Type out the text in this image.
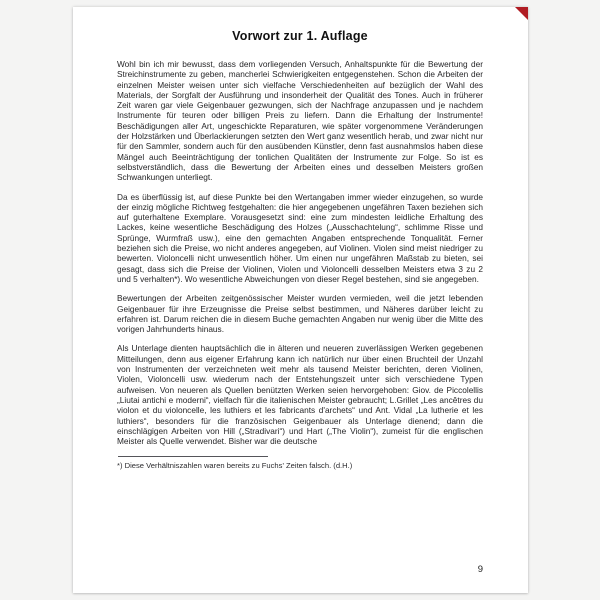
Vorwort zur 1. Auflage

Wohl bin ich mir bewusst, dass dem vorliegenden Versuch, Anhaltspunkte für die Bewertung der Streichinstrumente zu geben, mancherlei Schwierigkeiten entgegenstehen. Schon die Arbeiten der einzelnen Meister weisen unter sich vielfache Verschiedenheiten auf bezüglich der Wahl des Materials, der Sorgfalt der Ausführung und insonderheit der Qualität des Tones. Auch in früherer Zeit waren gar viele Geigenbauer gezwungen, sich der Nachfrage anzupassen und je nachdem Instrumente für teuren oder billigen Preis zu liefern. Dann die Erhaltung der Instrumente! Beschädigungen aller Art, ungeschickte Reparaturen, wie später vorgenommene Veränderungen der Holzstärken und Überlackierungen setzten den Wert ganz wesentlich herab, und zwar nicht nur für den Sammler, sondern auch für den ausübenden Künstler, denn fast ausnahmslos haben diese Mängel auch Beeinträchtigung der tonlichen Qualitäten der Instrumente zur Folge. So ist es selbstverständlich, dass die Bewertung der Arbeiten eines und desselben Meisters großen Schwankungen unterliegt.

Da es überflüssig ist, auf diese Punkte bei den Wertangaben immer wieder einzugehen, so wurde der einzig mögliche Richtweg festgehalten: die hier angegebenen ungefähren Taxen beziehen sich auf guterhaltene Exemplare. Vorausgesetzt sind: eine zum mindesten leidliche Erhaltung des Lackes, keine wesentliche Beschädigung des Holzes („Ausschachtelung“, schlimme Risse und Sprünge, Wurmfraß usw.), eine den gemachten Angaben entsprechende Tonqualität. Ferner beziehen sich die Preise, wo nicht anderes angegeben, auf Violinen. Violen sind meist niedriger zu bewerten. Violoncelli nicht unwesentlich höher. Um einen nur ungefähren Maßstab zu bieten, sei gesagt, dass sich die Preise der Violinen, Violen und Violoncelli desselben Meisters etwa 3 zu 2 und 5 verhalten*). Wo wesentliche Abweichungen von dieser Regel bestehen, sind sie angegeben.

Bewertungen der Arbeiten zeitgenössischer Meister wurden vermieden, weil die jetzt lebenden Geigenbauer für ihre Erzeugnisse die Preise selbst bestimmen, und Näheres darüber leicht zu erfahren ist. Darum reichen die in diesem Buche gemachten Angaben nur wenig über die Mitte des vorigen Jahrhunderts hinaus.

Als Unterlage dienten hauptsächlich die in älteren und neueren zuverlässigen Werken gegebenen Mitteilungen, denn aus eigener Erfahrung kann ich natürlich nur über einen Bruchteil der Unzahl von Instrumenten der verzeichneten weit mehr als tausend Meister berichten, deren Violinen, Violen, Violoncelli usw. wiederum nach der Entstehungszeit unter sich verschiedene Typen aufweisen. Von neueren als Quellen benützten Werken seien hervorgehoben: Giov. de Piccolellis „Liutai antichi e moderni“, vielfach für die italienischen Meister gebraucht; L.Grillet „Les ancêtres du violon et du violoncelle, les luthiers et les fabricants d'archets“ und Ant. Vidal „La lutherie et les luthiers“, besonders für die französischen Geigenbauer als Unterlage dienend; dann die einschlägigen Arbeiten von Hill („Stradivari“) und Hart („The Violin“), zumeist für die englischen Meister als Quelle verwendet. Bisher war die deutsche

*) Diese Verhältniszahlen waren bereits zu Fuchs' Zeiten falsch. (d.H.)

9
